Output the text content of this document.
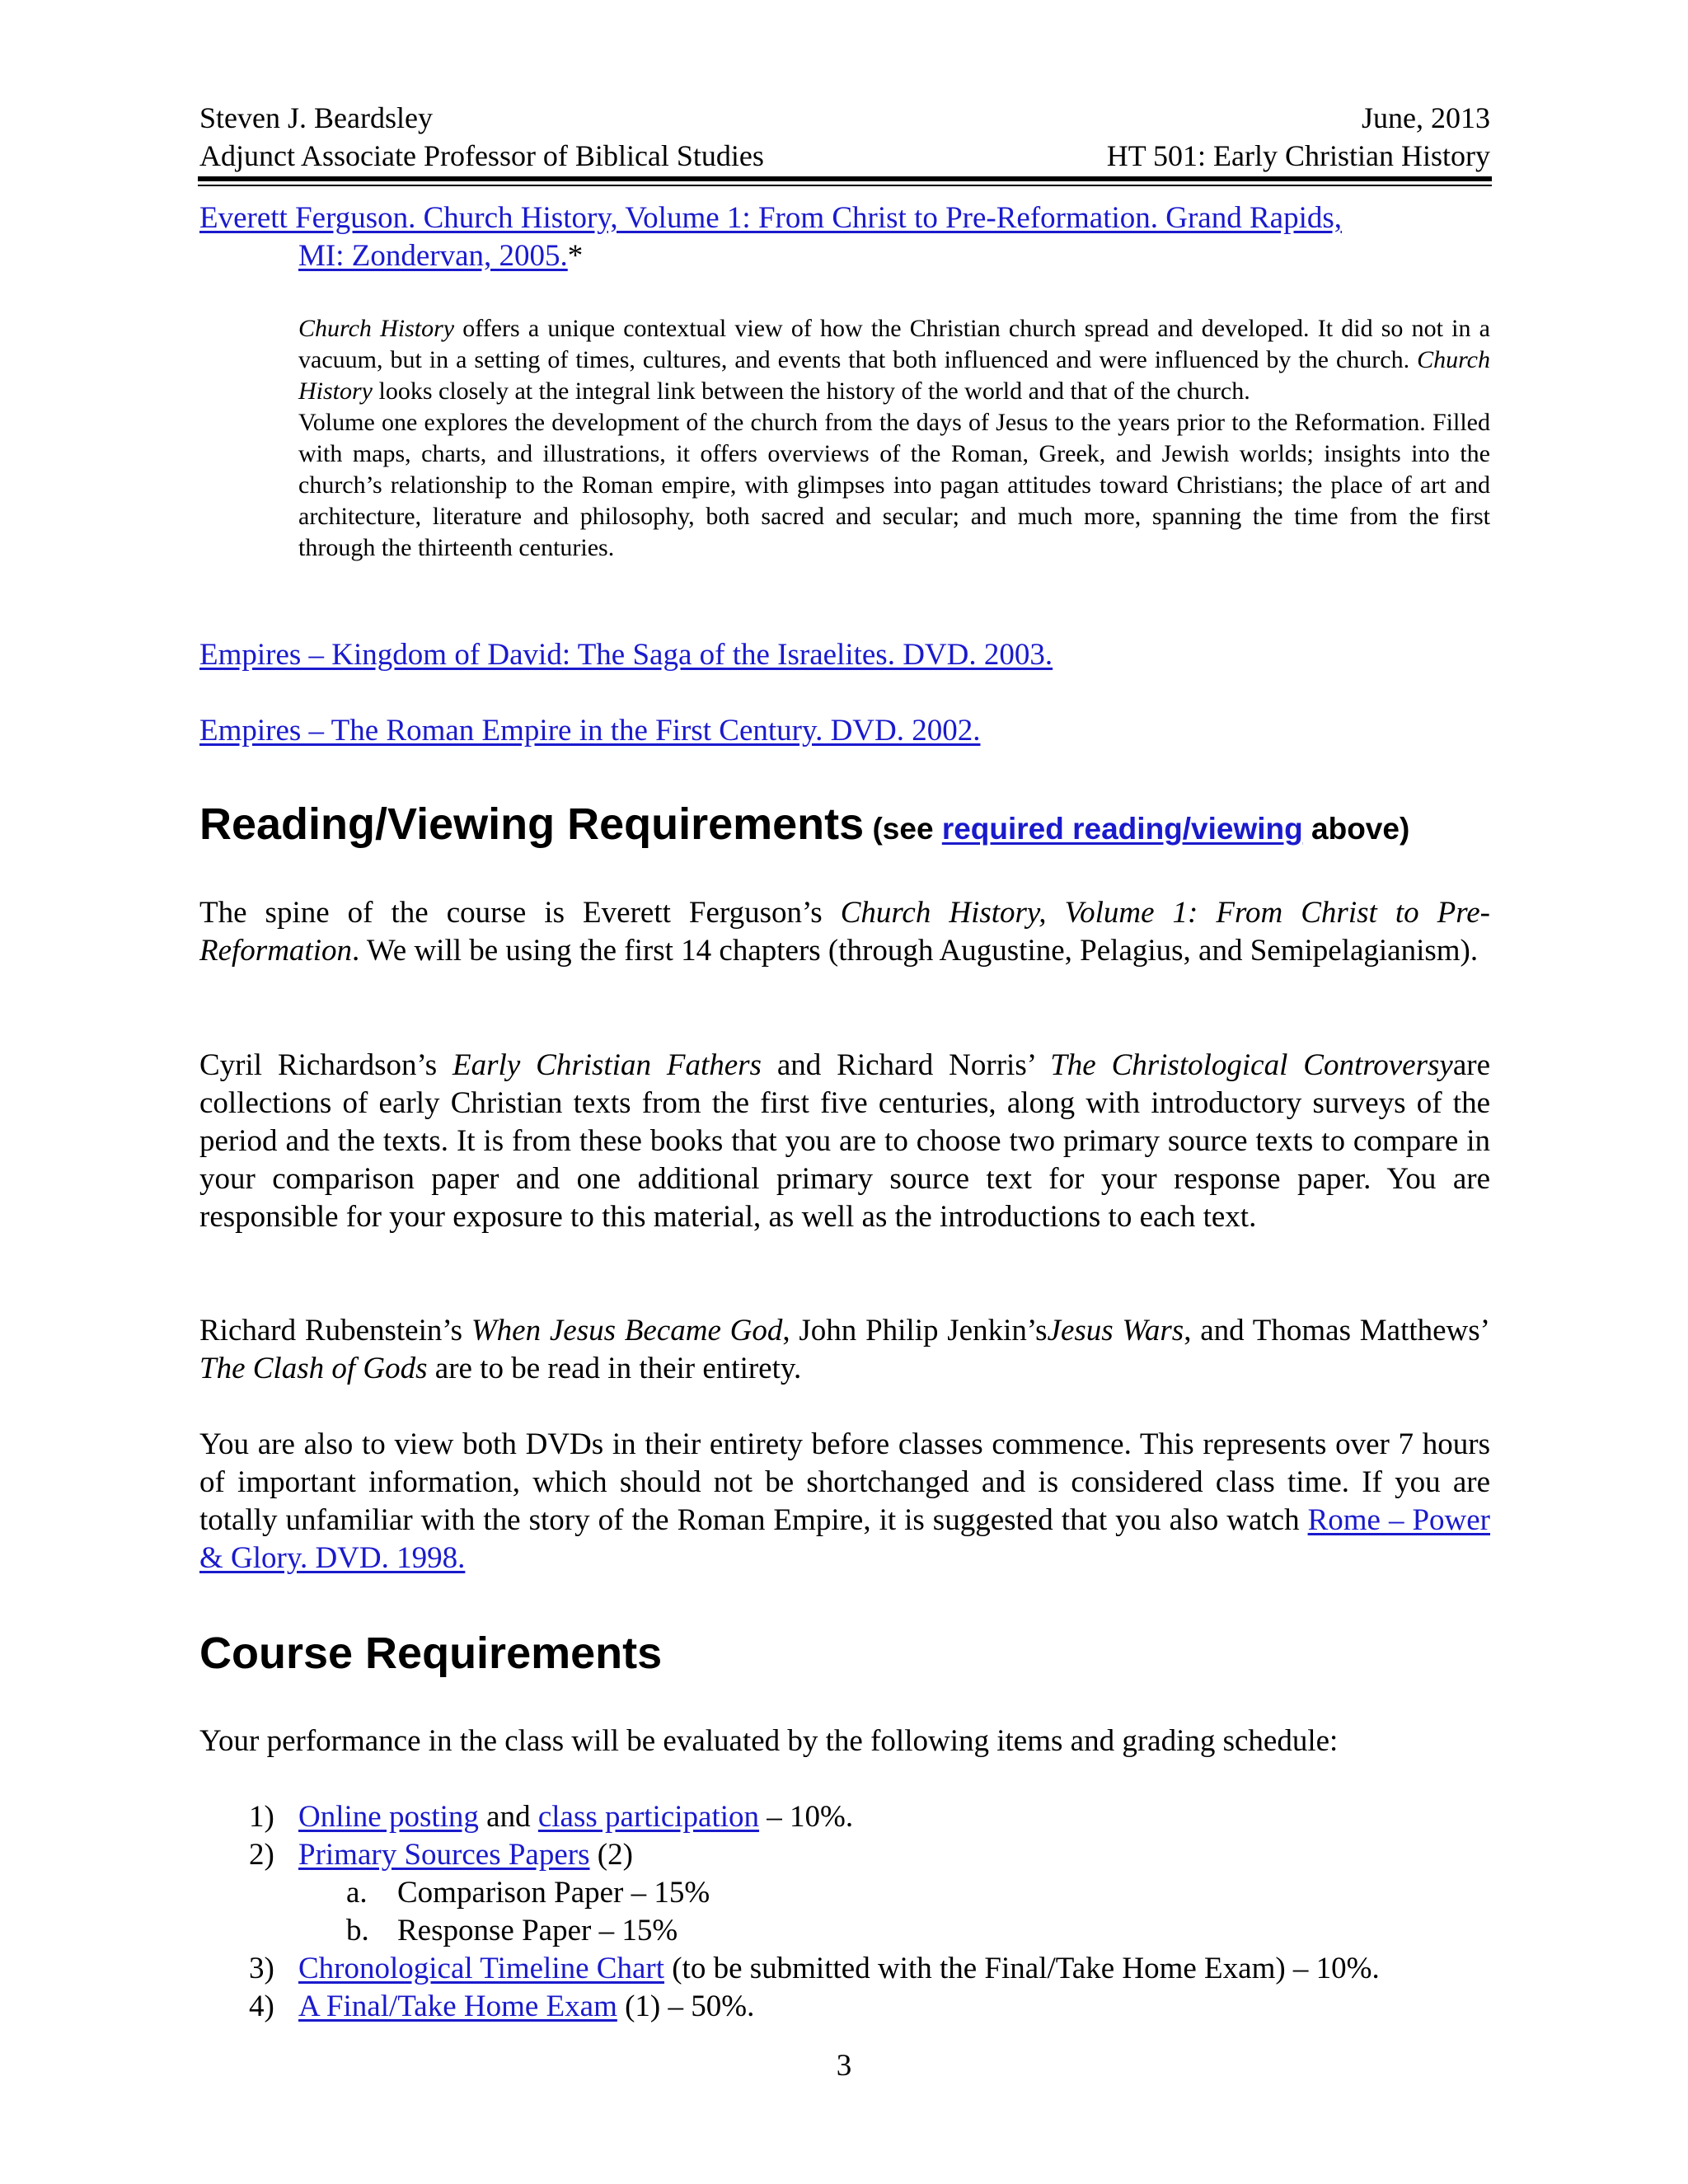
Steven J. Beardsley	June, 2013
Adjunct Associate Professor of Biblical Studies	HT 501: Early Christian History
Everett Ferguson. Church History, Volume 1: From Christ to Pre-Reformation. Grand Rapids,
MI: Zondervan, 2005.*

Church History offers a unique contextual view of how the Christian church spread and developed. It did so not in a vacuum, but in a setting of times, cultures, and events that both influenced and were influenced by the church. Church History looks closely at the integral link between the history of the world and that of the church.

Volume one explores the development of the church from the days of Jesus to the years prior to the Reformation. Filled with maps, charts, and illustrations, it offers overviews of the Roman, Greek, and Jewish worlds; insights into the church’s relationship to the Roman empire, with glimpses into pagan attitudes toward Christians; the place of art and architecture, literature and philosophy, both sacred and secular; and much more, spanning the time from the first through the thirteenth centuries.

Empires – Kingdom of David: The Saga of the Israelites. DVD. 2003.
Empires – The Roman Empire in the First Century. DVD. 2002.
Reading/Viewing Requirements (see required reading/viewing above)

The spine of the course is Everett Ferguson’s Church History, Volume 1: From Christ to Pre-Reformation. We will be using the first 14 chapters (through Augustine, Pelagius, and Semipelagianism).

Cyril Richardson’s Early Christian Fathers and Richard Norris’ The Christological Controversyare collections of early Christian texts from the first five centuries, along with introductory surveys of the period and the texts. It is from these books that you are to choose two primary source texts to compare in your comparison paper and one additional primary source text for your response paper. You are responsible for your exposure to this material, as well as the introductions to each text.

Richard Rubenstein’s When Jesus Became God, John Philip Jenkin’sJesus Wars, and Thomas Matthews’ The Clash of Gods are to be read in their entirety.

You are also to view both DVDs in their entirety before classes commence. This represents over 7 hours of important information, which should not be shortchanged and is considered class time. If you are totally unfamiliar with the story of the Roman Empire, it is suggested that you also watch Rome – Power & Glory. DVD. 1998.

Course Requirements

Your performance in the class will be evaluated by the following items and grading schedule:

1) Online posting and class participation – 10%.
2) Primary Sources Papers (2)
a. Comparison Paper – 15%
b. Response Paper – 15%
3) Chronological Timeline Chart (to be submitted with the Final/Take Home Exam) – 10%.
4) A Final/Take Home Exam (1) – 50%.
3
